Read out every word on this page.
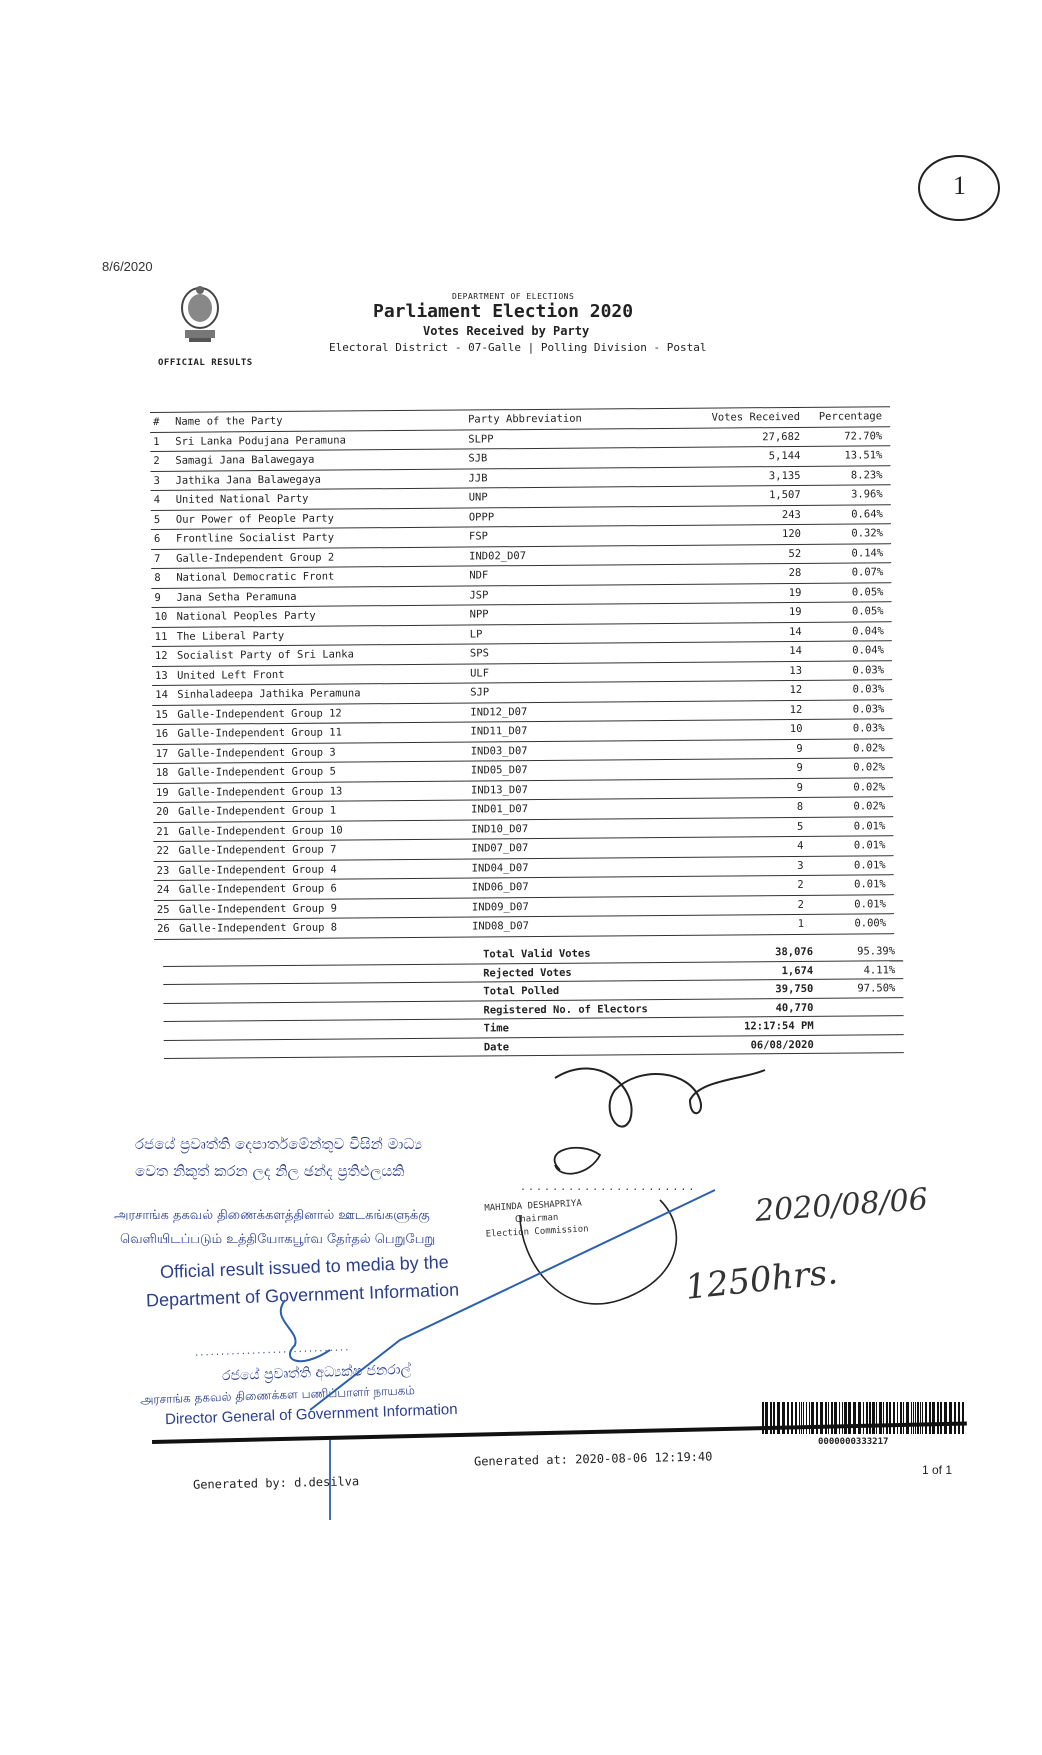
8/6/2020
1
OFFICIAL RESULTS
DEPARTMENT OF ELECTIONS
Parliament Election 2020
Votes Received by Party
Electoral District - 07-Galle | Polling Division - Postal
# Name of the Party	Party Abbreviation	Votes Received Percentage
1 Sri Lanka Podujana Peramuna	SLPP	27,682	72.70%
2 Samagi Jana Balawegaya	SJB	5,144	13.51%
3 Jathika Jana Balawegaya	JJB	3,135	8.23%
4 United National Party	UNP	1,507	3.96%
5 Our Power of People Party	OPPP	243	0.64%
6 Frontline Socialist Party	FSP	120	0.32%
7 Galle-Independent Group 2	IND02_D07	52	0.14%
8 National Democratic Front	NDF	28	0.07%
9 Jana Setha Peramuna	JSP	19	0.05%
10 National Peoples Party	NPP	19	0.05%
11 The Liberal Party	LP	14	0.04%
12 Socialist Party of Sri Lanka	SPS	14	0.04%
13 United Left Front	ULF	13	0.03%
14 Sinhaladeepa Jathika Peramuna	SJP	12	0.03%
15 Galle-Independent Group 12	IND12_D07	12	0.03%
16 Galle-Independent Group 11	IND11_D07	10	0.03%
17 Galle-Independent Group 3	IND03_D07	9	0.02%
18 Galle-Independent Group 5	IND05_D07	9	0.02%
19 Galle-Independent Group 13	IND13_D07	9	0.02%
20 Galle-Independent Group 1	IND01_D07	8	0.02%
21 Galle-Independent Group 10	IND10_D07	5	0.01%
22 Galle-Independent Group 7	IND07_D07	4	0.01%
23 Galle-Independent Group 4	IND04_D07	3	0.01%
24 Galle-Independent Group 6	IND06_D07	2	0.01%
25 Galle-Independent Group 9	IND09_D07	2	0.01%
26 Galle-Independent Group 8	IND08_D07	1	0.00%
Total Valid Votes	38,076	95.39%
Rejected Votes	1,674	4.11%
Total Polled	39,750	97.50%
Registered No. of Electors	40,770
Time	12:17:54 PM
Date	06/08/2020
රජයේ ප්‍රවෘත්ති දෙපාර්තමේන්තුව විසින් මාධ්‍ය
වෙත නිකුත් කරන ලද නිල ඡන්ද ප්‍රතිඵලයකි
அரசாங்க தகவல் திணைக்களத்தினால் ஊடகங்களுக்கு
வெளியிடப்படும் உத்தியோகபூர்வ தேர்தல் பெறுபேறு
Official result issued to media by the
Department of Government Information
......................
MAHINDA DESHAPRIYA
Chairman
Election Commission
..............................
රජයේ ප්‍රවෘත්ති අධ්‍යක්ෂ ජනරාල්
அரசாங்க தகவல் திணைக்கள பணிப்பாளர் நாயகம்
Director General of Government Information
2020/08/06
1250hrs.
0000000333217
Generated at: 2020-08-06 12:19:40
Generated by: d.desilva
1 of 1
